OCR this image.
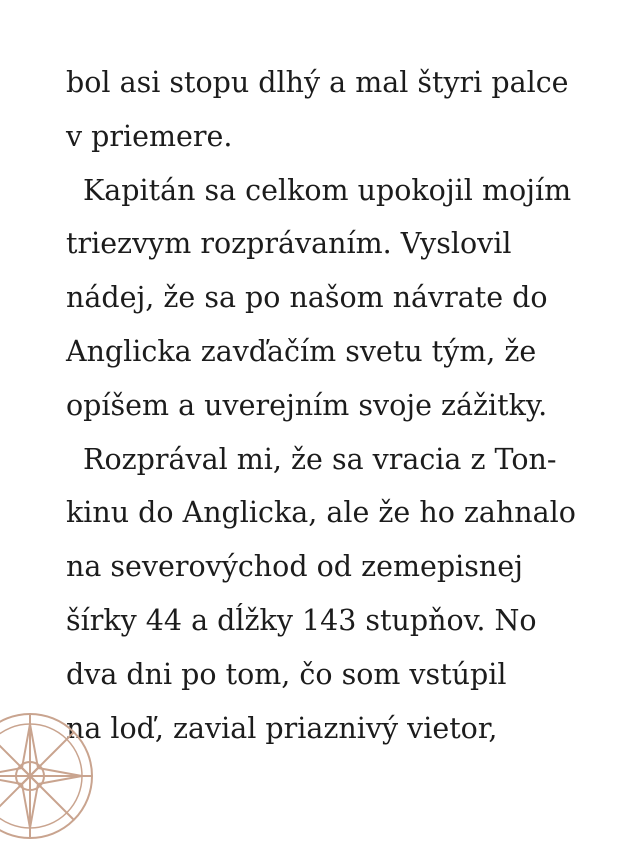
bol asi stopu dlhý a mal štyri palce
v priemere.
Kapitán sa celkom upokojil mojím
triezvym rozprávaním. Vyslovil
nádej, že sa po našom návrate do
Anglicka zavďačím svetu tým, že
opíšem a uverejním svoje zážitky.
Rozprával mi, že sa vracia z Ton-
kinu do Anglicka, ale že ho zahnalo
na severovýchod od zemepisnej
šírky 44 a dĺžky 143 stupňov. No
dva dni po tom, čo som vstúpil
na loď, zavial priaznivý vietor,
